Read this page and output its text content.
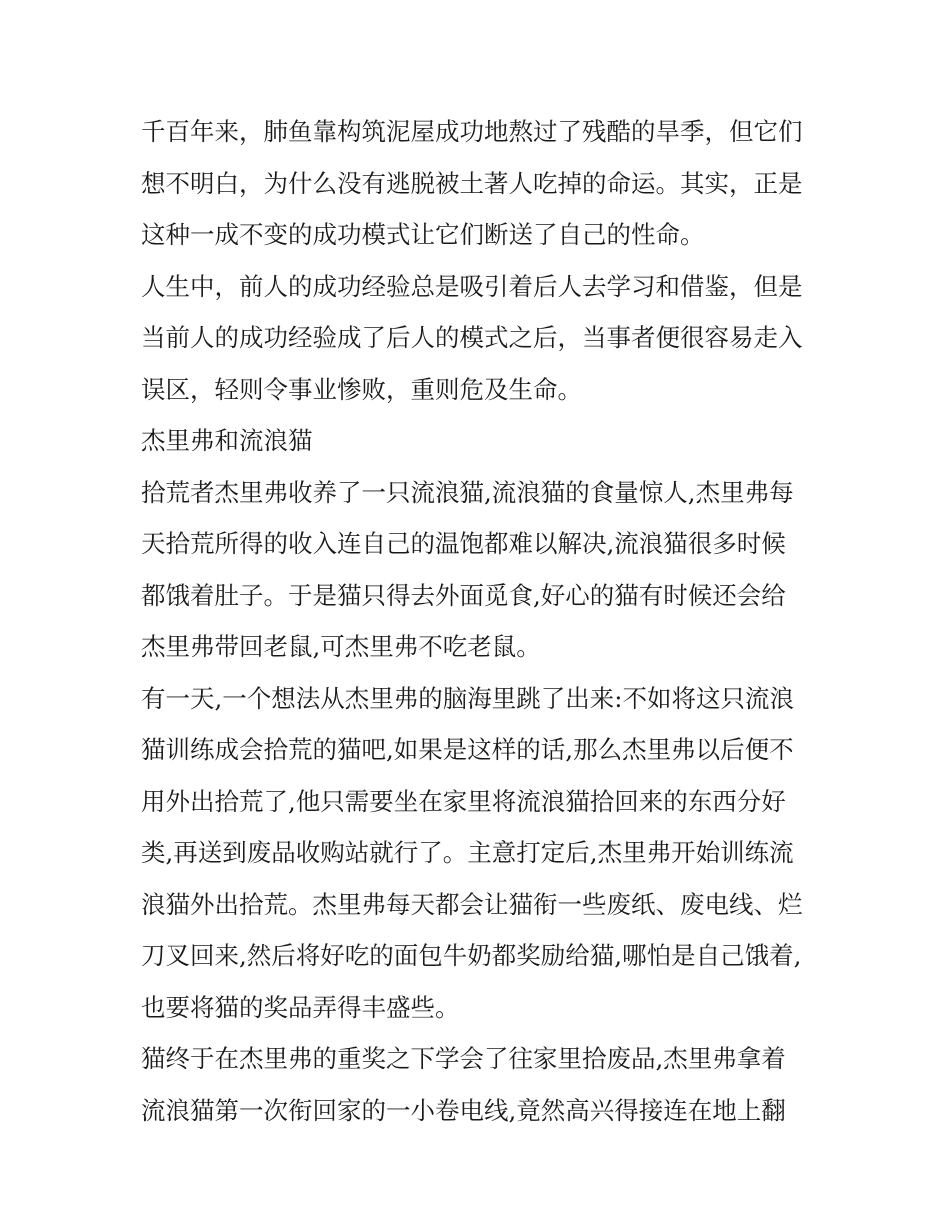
千百年来，肺鱼靠构筑泥屋成功地熬过了残酷的旱季，但它们
想不明白，为什么没有逃脱被土著人吃掉的命运。其实，正是
这种一成不变的成功模式让它们断送了自己的性命。
人生中，前人的成功经验总是吸引着后人去学习和借鉴，但是
当前人的成功经验成了后人的模式之后，当事者便很容易走入
误区，轻则令事业惨败，重则危及生命。
杰里弗和流浪猫
拾荒者杰里弗收养了一只流浪猫,流浪猫的食量惊人,杰里弗每
天拾荒所得的收入连自己的温饱都难以解决,流浪猫很多时候
都饿着肚子。于是猫只得去外面觅食,好心的猫有时候还会给
杰里弗带回老鼠,可杰里弗不吃老鼠。
有一天,一个想法从杰里弗的脑海里跳了出来:不如将这只流浪
猫训练成会拾荒的猫吧,如果是这样的话,那么杰里弗以后便不
用外出拾荒了,他只需要坐在家里将流浪猫拾回来的东西分好
类,再送到废品收购站就行了。主意打定后,杰里弗开始训练流
浪猫外出拾荒。杰里弗每天都会让猫衔一些废纸、废电线、烂
刀叉回来,然后将好吃的面包牛奶都奖励给猫,哪怕是自己饿着,
也要将猫的奖品弄得丰盛些。
猫终于在杰里弗的重奖之下学会了往家里拾废品,杰里弗拿着
流浪猫第一次衔回家的一小卷电线,竟然高兴得接连在地上翻
